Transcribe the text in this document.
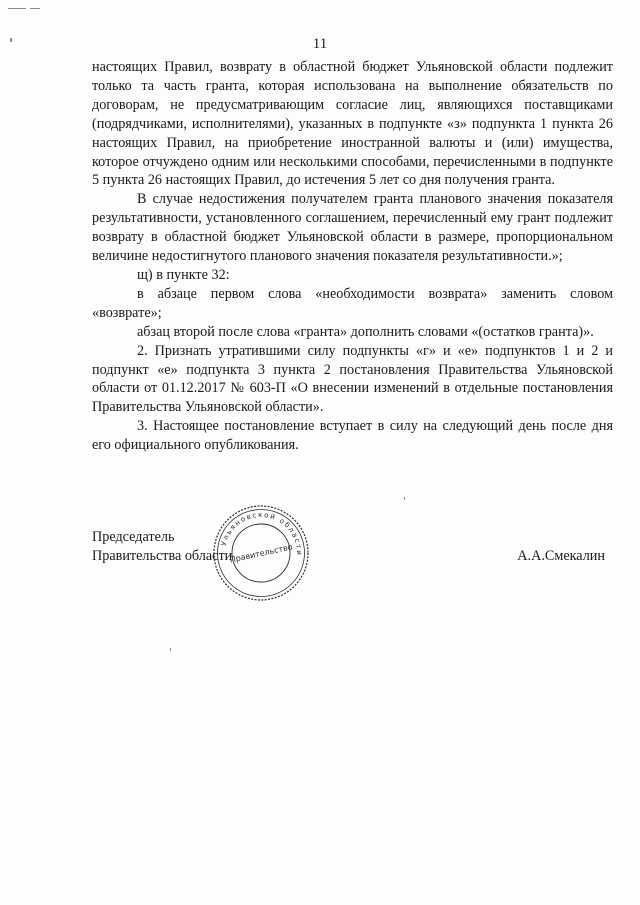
11

настоящих Правил, возврату в областной бюджет Ульяновской области подлежит только та часть гранта, которая использована на выполнение обязательств по договорам, не предусматривающим согласие лиц, являющихся поставщиками (подрядчиками, исполнителями), указанных в подпункте «з» подпункта 1 пункта 26 настоящих Правил, на приобретение иностранной валюты и (или) имущества, которое отчуждено одним или несколькими способами, перечисленными в подпункте 5 пункта 26 настоящих Правил, до истечения 5 лет со дня получения гранта.

В случае недостижения получателем гранта планового значения показателя результативности, установленного соглашением, перечисленный ему грант подлежит возврату в областной бюджет Ульяновской области в размере, пропорциональном величине недостигнутого планового значения показателя результативности.»;

щ) в пункте 32:

в абзаце первом слова «необходимости возврата» заменить словом «возврате»;

абзац второй после слова «гранта» дополнить словами «(остатков гранта)».

2. Признать утратившими силу подпункты «г» и «е» подпунктов 1 и 2 и подпункт «е» подпункта 3 пункта 2 постановления Правительства Ульяновской области от 01.12.2017 № 603-П «О внесении изменений в отдельные постановления Правительства Ульяновской области».

3. Настоящее постановление вступает в силу на следующий день после дня его официального опубликования.

Председатель
Правительства области	А.А.Смекалин
Ульяновской области
Правительство
